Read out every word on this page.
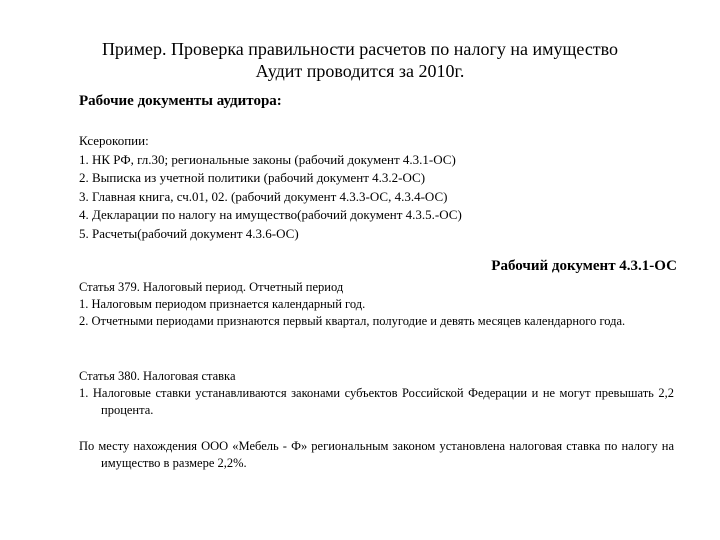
Пример. Проверка правильности расчетов по налогу на имущество
Аудит проводится за 2010г.
Рабочие документы аудитора:
Ксерокопии:
1. НК РФ, гл.30; региональные законы (рабочий документ 4.3.1-ОС)
2. Выписка из учетной политики (рабочий документ 4.3.2-ОС)
3. Главная книга, сч.01, 02. (рабочий документ 4.3.3-ОС, 4.3.4-ОС)
4. Декларации по налогу на имущество(рабочий документ 4.3.5.-ОС)
5. Расчеты(рабочий документ 4.3.6-ОС)
Рабочий документ 4.3.1-ОС
Статья 379. Налоговый период. Отчетный период
1. Налоговым периодом признается календарный год.
2. Отчетными периодами признаются первый квартал, полугодие и девять месяцев календарного года.
Статья 380. Налоговая ставка
1. Налоговые ставки устанавливаются законами субъектов Российской Федерации и не могут превышать 2,2 процента.
По месту нахождения ООО «Мебель - Ф» региональным законом установлена налоговая ставка по налогу на имущество в размере 2,2%.
